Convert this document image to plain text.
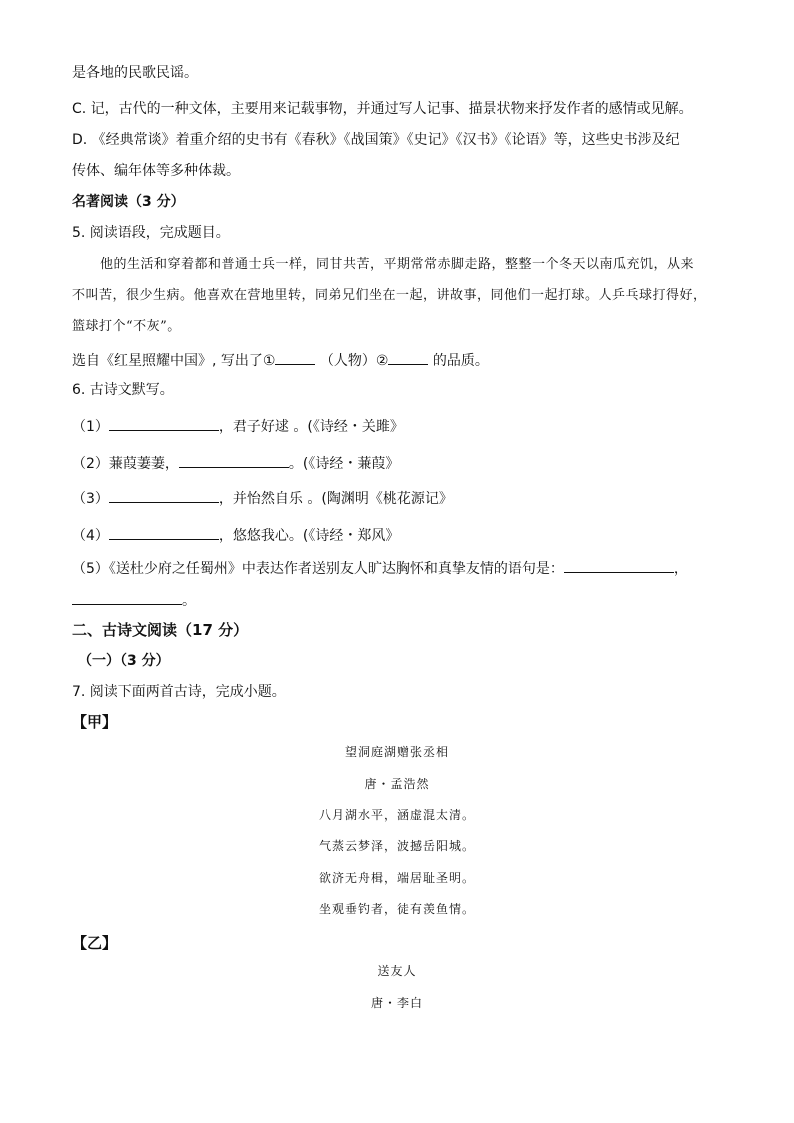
是各地的民歌民谣。
C. 记，古代的一种文体，主要用来记载事物，并通过写人记事、描景状物来抒发作者的感情或见解。
D. 《经典常谈》着重介绍的史书有《春秋》《战国策》《史记》《汉书》《论语》等，这些史书涉及纪
传体、编年体等多种体裁。
名著阅读（3 分）
5. 阅读语段，完成题目。
他的生活和穿着都和普通士兵一样，同甘共苦，平期常常赤脚走路，整整一个冬天以南瓜充饥，从来
不叫苦，很少生病。他喜欢在营地里转，同弟兄们坐在一起，讲故事，同他们一起打球。人乒乓球打得好，
篮球打个“不灰”。
选自《红星照耀中国》, 写出了①	（人物）②	的品质。
6. 古诗文默写。
（1）	，君子好逑 。(《诗经・关雎》
（2）蒹葭萋萋，	。(《诗经・蒹葭》
（3）	，并怡然自乐 。(陶渊明《桃花源记》
（4）	，悠悠我心。(《诗经・郑风》
（5）《送杜少府之任蜀州》中表达作者送别友人旷达胸怀和真挚友情的语句是：	，
。
二、古诗文阅读（17 分）
（一）（3 分）
7. 阅读下面两首古诗，完成小题。
【甲】
望洞庭湖赠张丞相
唐・孟浩然
八月湖水平，涵虚混太清。
气蒸云梦泽，波撼岳阳城。
欲济无舟楫，端居耻圣明。
坐观垂钓者，徒有羡鱼情。
【乙】
送友人
唐・李白
